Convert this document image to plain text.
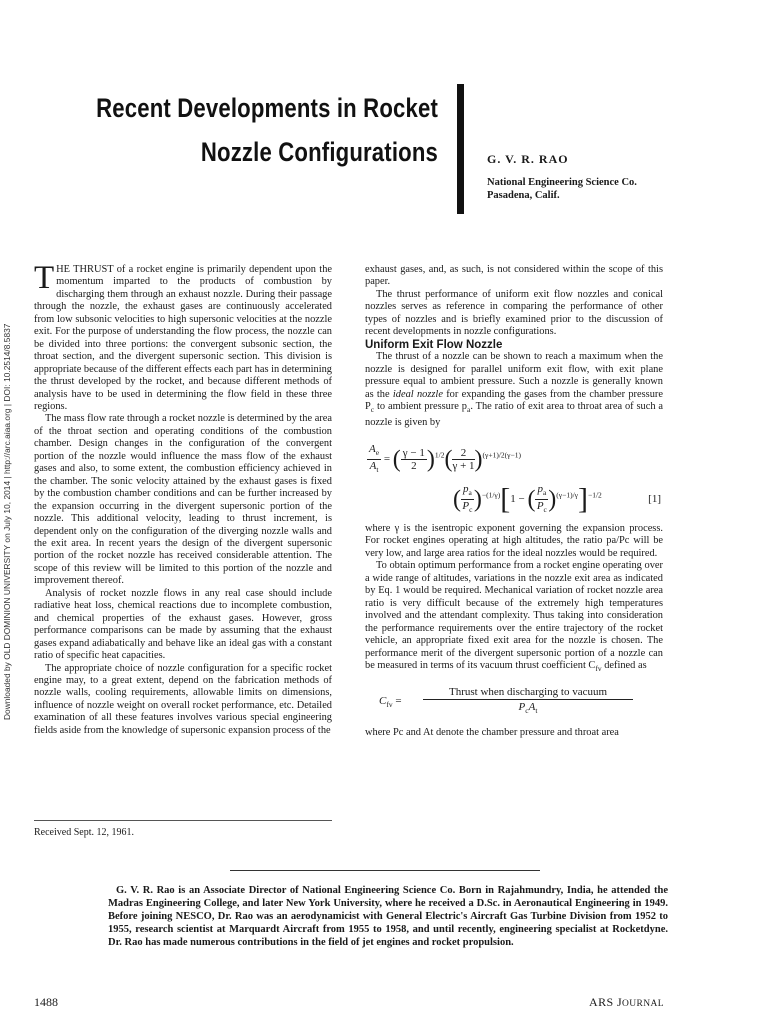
Downloaded by OLD DOMINION UNIVERSITY on July 10, 2014 | http://arc.aiaa.org | DOI: 10.2514/8.5837
Recent Developments in Rocket
Nozzle Configurations	G. V. R. RAO

National Engineering Science Co.
Pasadena, Calif.

THE THRUST of a rocket engine is primarily dependent upon the momentum imparted to the products of combustion by discharging them through an exhaust nozzle. During their passage through the nozzle, the exhaust gases are continuously accelerated from low subsonic velocities to high supersonic velocities at the nozzle exit. For the purpose of understanding the flow process, the nozzle can be divided into three portions: the convergent subsonic section, the throat section, and the divergent supersonic section. This division is appropriate because of the different effects each part has in determining the thrust developed by the rocket, and because different methods of analysis have to be used in determining the flow field in these three regions.

The mass flow rate through a rocket nozzle is determined by the area of the throat section and operating conditions of the combustion chamber. Design changes in the configuration of the convergent portion of the nozzle would influence the mass flow of the exhaust gases and also, to some extent, the combustion efficiency achieved in the chamber. The sonic velocity attained by the exhaust gases is fixed by the combustion chamber conditions and can be further increased by the expansion occurring in the divergent supersonic portion of the nozzle. This additional velocity, leading to thrust increment, is dependent only on the configuration of the diverging nozzle walls and the exit area. In recent years the design of the divergent supersonic portion of the rocket nozzle has received considerable attention. The scope of this review will be limited to this portion of the nozzle and improvement thereof.

Analysis of rocket nozzle flows in any real case should include radiative heat loss, chemical reactions due to incomplete combustion, and chemical properties of the exhaust gases. However, gross performance comparisons can be made by assuming that the exhaust gases expand adiabatically and behave like an ideal gas with a constant ratio of specific heat capacities.

The appropriate choice of nozzle configuration for a specific rocket engine may, to a great extent, depend on the fabrication methods of nozzle walls, cooling requirements, allowable limits on dimensions, influence of nozzle weight on overall rocket performance, etc. Detailed examination of all these features involves various special engineering fields aside from the knowledge of supersonic expansion process of the

Received Sept. 12, 1961.

exhaust gases, and, as such, is not considered within the scope of this paper.

The thrust performance of uniform exit flow nozzles and conical nozzles serves as reference in comparing the performance of other types of nozzles and is briefly examined prior to the discussion of recent developments in nozzle configurations.

Uniform Exit Flow Nozzle

The thrust of a nozzle can be shown to reach a maximum when the nozzle is designed for parallel uniform exit flow, with exit plane pressure equal to ambient pressure. Such a nozzle is generally known as the ideal nozzle for expanding the gases from the chamber pressure $P_c$ to ambient pressure $p_a$. The ratio of exit area to throat area of such a nozzle is given by

$\frac{A_e}{A_t}$ = ( $\frac{\gamma - 1}{2} )^{1/2}( \frac{2}{\gamma + 1} )^{(\gamma+1)/2(\gamma-1)}$
( $\frac{p_a}{P_c} )^{-(1/\gamma)}[1$ − ( $\frac{p_a}{P_c} )^{(\gamma-1)/\gamma}]^{-1/2}$	[1]

where γ is the isentropic exponent governing the expansion process. For rocket engines operating at high altitudes, the ratio pa/Pc will be very low, and large area ratios for the ideal nozzles would be required.

To obtain optimum performance from a rocket engine operating over a wide range of altitudes, variations in the nozzle exit area as indicated by Eq. 1 would be required. Mechanical variation of rocket nozzle area ratio is very difficult because of the extremely high temperatures involved and the attendant complexity. Thus taking into consideration the performance requirements over the entire trajectory of the rocket vehicle, an appropriate fixed exit area for the nozzle is chosen. The performance merit of the divergent supersonic portion of a nozzle can be measured in terms of its vacuum thrust coefficient $C_{fv}$ defined as

$C_{fv}$ =
Thrust when discharging to vacuum
$P_cA_t$

where Pc and At denote the chamber pressure and throat area

G. V. R. Rao is an Associate Director of National Engineering Science Co. Born in Rajahmundry, India, he attended the Madras Engineering College, and later New York University, where he received a D.Sc. in Aeronautical Engineering in 1949. Before joining NESCO, Dr. Rao was an aerodynamicist with General Electric's Aircraft Gas Turbine Division from 1952 to 1955, research scientist at Marquardt Aircraft from 1955 to 1958, and until recently, engineering specialist at Rocketdyne. Dr. Rao has made numerous contributions in the field of jet engines and rocket propulsion.

1488	ARS JOURNAL
